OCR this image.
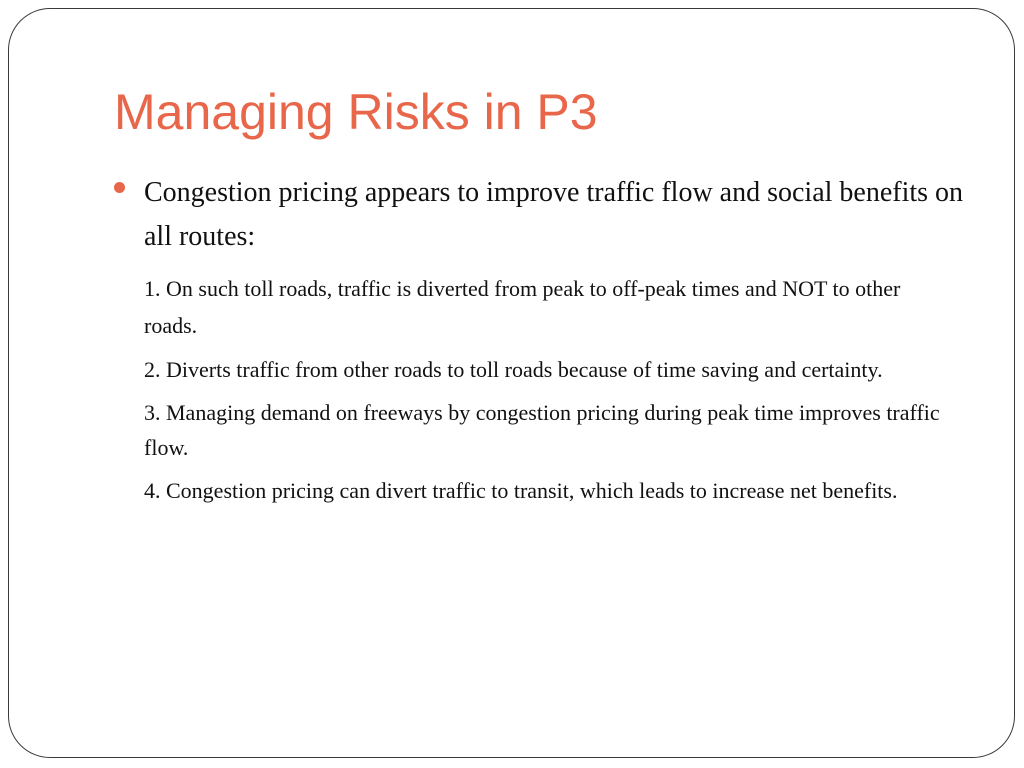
Managing Risks in P3

Congestion pricing appears to improve traffic flow and social benefits on all routes:

1. On such toll roads, traffic is diverted from peak to off-peak times and NOT to other roads.

2. Diverts traffic from other roads to toll roads because of time saving and certainty.

3. Managing demand on freeways by congestion pricing during peak time improves traffic flow.

4. Congestion pricing can divert traffic to transit, which leads to increase net benefits.
